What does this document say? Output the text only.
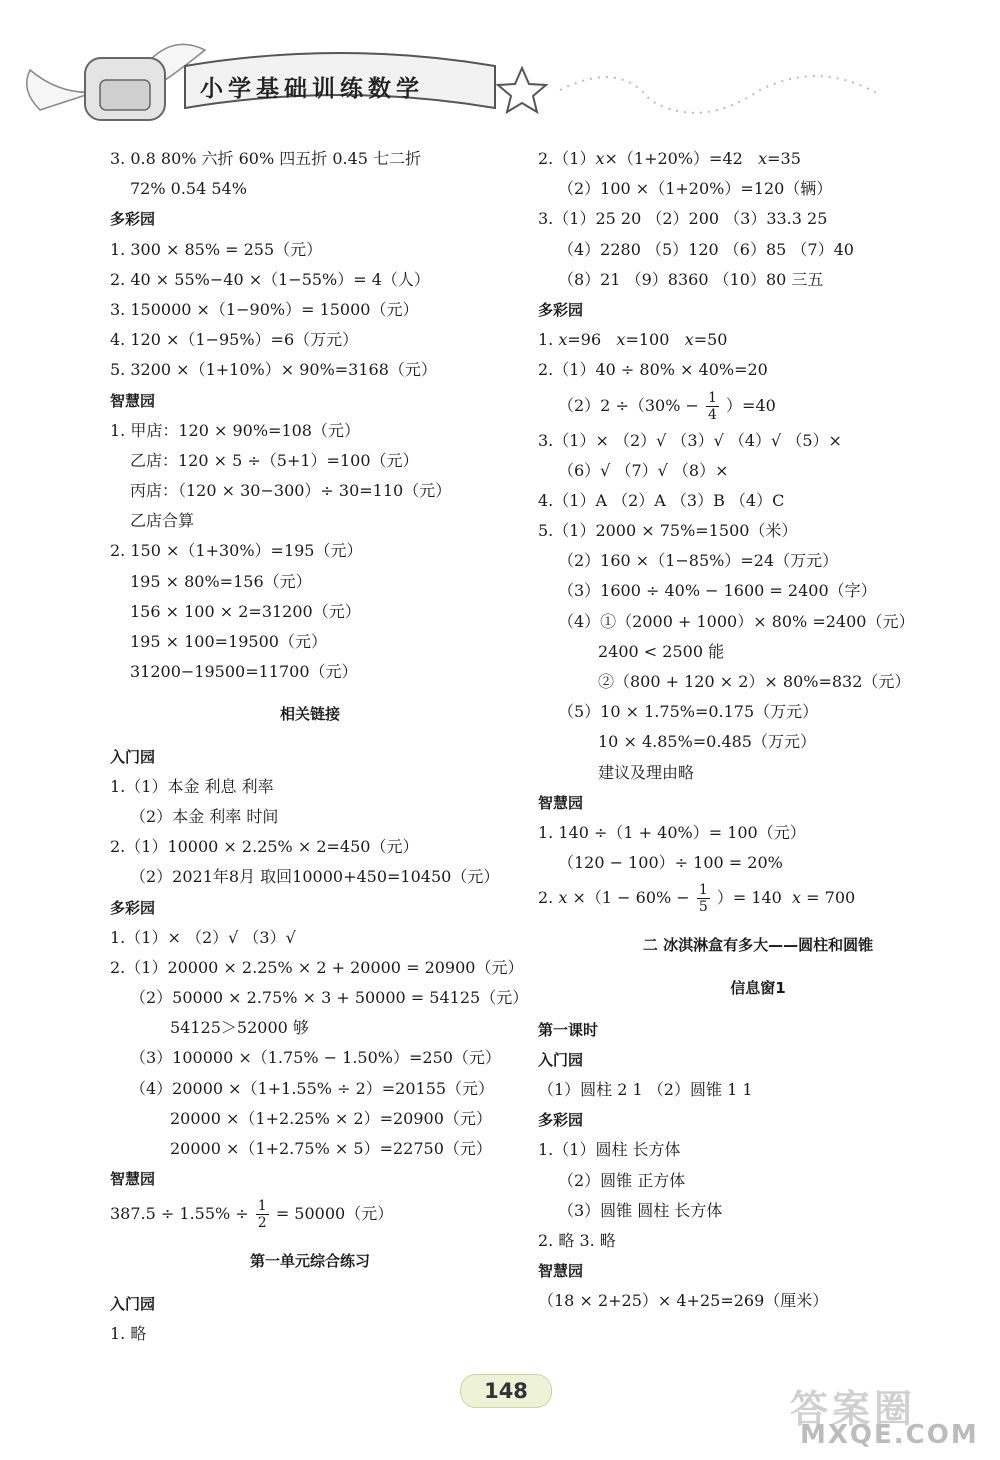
小学基础训练数学
3. 0.8 80% 六折 60% 四五折 0.45 七二折
72% 0.54 54%
多彩园
1. 300 × 85% = 255（元）
2. 40 × 55%−40 ×（1−55%）= 4（人）
3. 150000 ×（1−90%）= 15000（元）
4. 120 ×（1−95%）=6（万元）
5. 3200 ×（1+10%）× 90%=3168（元）
智慧园
1. 甲店：120 × 90%=108（元）
乙店：120 × 5 ÷（5+1）=100（元）
丙店：（120 × 30−300）÷ 30=110（元）
乙店合算
2. 150 ×（1+30%）=195（元）
195 × 80%=156（元）
156 × 100 × 2=31200（元）
195 × 100=19500（元）
31200−19500=11700（元）
相关链接
入门园
1.（1）本金 利息 利率
（2）本金 利率 时间
2.（1）10000 × 2.25% × 2=450（元）
（2）2021年8月 取回10000+450=10450（元）
多彩园
1.（1）× （2）√ （3）√
2.（1）20000 × 2.25% × 2 + 20000 = 20900（元）
（2）50000 × 2.75% × 3 + 50000 = 54125（元）
54125＞52000 够
（3）100000 ×（1.75% − 1.50%）=250（元）
（4）20000 ×（1+1.55% ÷ 2）=20155（元）
20000 ×（1+2.25% × 2）=20900（元）
20000 ×（1+2.75% × 5）=22750（元）
智慧园
$387.5 \div 1.55\% \div \frac{1}{2} = 50000$（元）
第一单元综合练习
入门园
1. 略
2.（1）x×（1+20%）=42 x=35
（2）100 ×（1+20%）=120（辆）
3.（1）25 20 （2）200 （3）33.3 25
（4）2280 （5）120 （6）85 （7）40
（8）21 （9）8360 （10）80 三五
多彩园
1. x=96 x=100 x=50
2.（1）40 ÷ 80% × 40%=20
$(2)2 \div(30\% - \frac{1}{4} )=40$
3.（1）× （2）√ （3）√ （4）√ （5）×
（6）√ （7）√ （8）×
4.（1）A （2）A （3）B （4）C
5.（1）2000 × 75%=1500（米）
（2）160 ×（1−85%）=24（万元）
（3）1600 ÷ 40% − 1600 = 2400（字）
（4）①（2000 + 1000）× 80% =2400（元）
2400 < 2500 能
②（800 + 120 × 2）× 80%=832（元）
（5）10 × 1.75%=0.175（万元）
10 × 4.85%=0.485（万元）
建议及理由略
智慧园
1. 140 ÷（1 + 40%）= 100（元）
（120 − 100）÷ 100 = 20%
2. $x \times(1 - 60\% - \frac{1}{5}$ ）= 140 x = 700
二 冰淇淋盒有多大——圆柱和圆锥
信息窗1
第一课时
入门园
（1）圆柱 2 1 （2）圆锥 1 1
多彩园
1.（1）圆柱 长方体
（2）圆锥 正方体
（3）圆锥 圆柱 长方体
2. 略 3. 略
智慧园
（18 × 2+25）× 4+25=269（厘米）
148	答案圈
MXQE.COM
